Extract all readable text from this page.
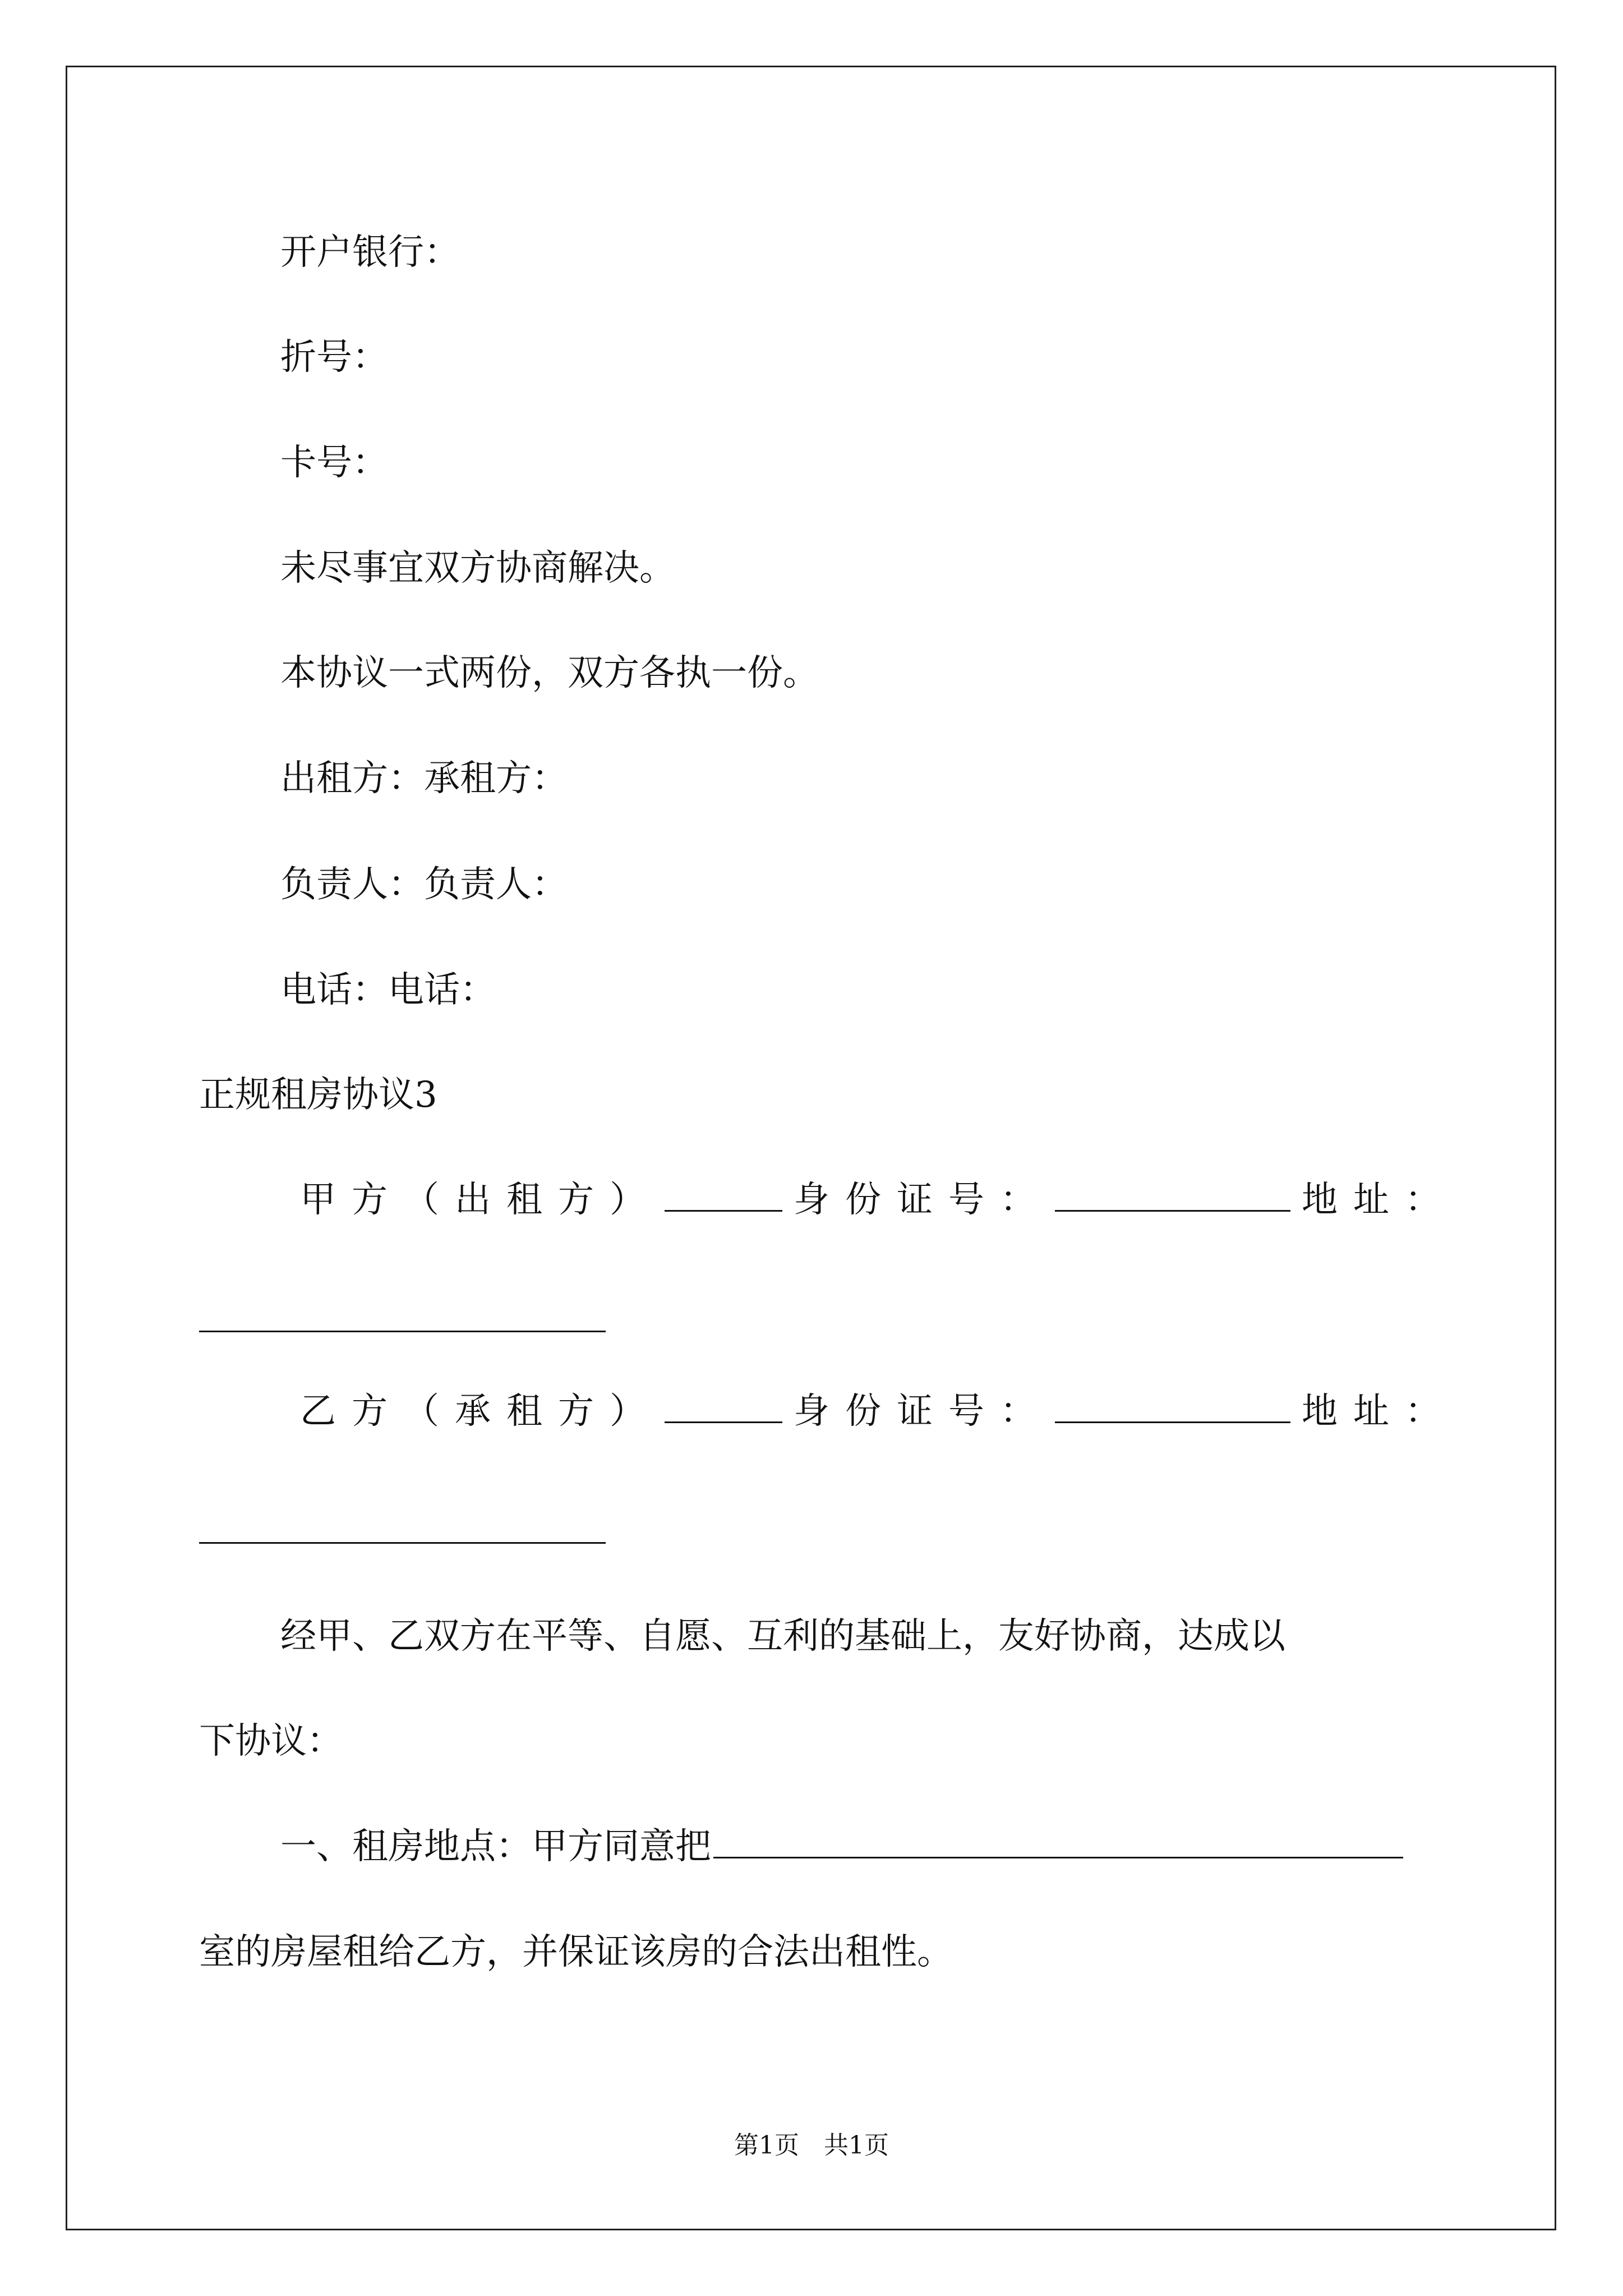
开户银行：
折号：
卡号：
未尽事宜双方协商解决。
本协议一式两份，双方各执一份。
出租方：承租方：
负责人：负责人：
电话：电话：
正规租房协议3
甲方（出租方）	身份证号：	地址：
乙方（承租方）	身份证号：	地址：
经甲、乙双方在平等、自愿、互利的基础上，友好协商，达成以
下协议：
一、租房地点：甲方同意把
室的房屋租给乙方，并保证该房的合法出租性。
第1页　共1页
